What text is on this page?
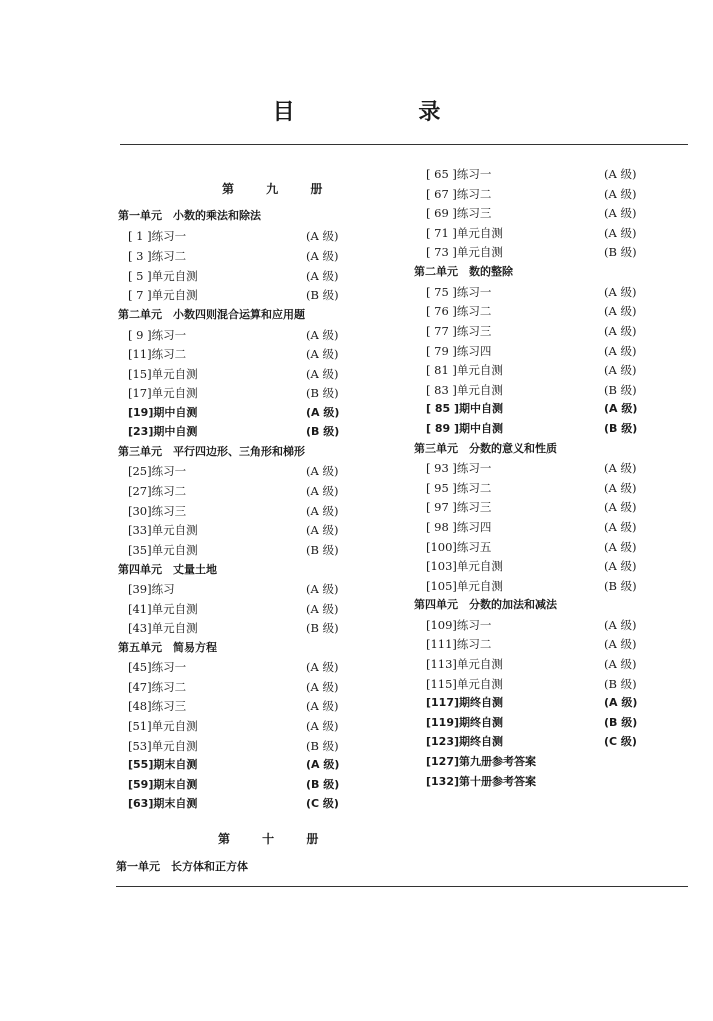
目 录
第 九 册
第一单元　小数的乘法和除法
[ 1 ]练习一	(A 级)
[ 3 ]练习二	(A 级)
[ 5 ]单元自测	(A 级)
[ 7 ]单元自测	(B 级)
第二单元　小数四则混合运算和应用题
[ 9 ]练习一	(A 级)
[11]练习二	(A 级)
[15]单元自测	(A 级)
[17]单元自测	(B 级)
[19]期中自测	(A 级)
[23]期中自测	(B 级)
第三单元　平行四边形、三角形和梯形
[25]练习一	(A 级)
[27]练习二	(A 级)
[30]练习三	(A 级)
[33]单元自测	(A 级)
[35]单元自测	(B 级)
第四单元　丈量土地
[39]练习	(A 级)
[41]单元自测	(A 级)
[43]单元自测	(B 级)
第五单元　简易方程
[45]练习一	(A 级)
[47]练习二	(A 级)
[48]练习三	(A 级)
[51]单元自测	(A 级)
[53]单元自测	(B 级)
[55]期末自测	(A 级)
[59]期末自测	(B 级)
[63]期末自测	(C 级)
第 十 册
第一单元　长方体和正方体
[ 65 ]练习一	(A 级)
[ 67 ]练习二	(A 级)
[ 69 ]练习三	(A 级)
[ 71 ]单元自测	(A 级)
[ 73 ]单元自测	(B 级)
第二单元　数的整除
[ 75 ]练习一	(A 级)
[ 76 ]练习二	(A 级)
[ 77 ]练习三	(A 级)
[ 79 ]练习四	(A 级)
[ 81 ]单元自测	(A 级)
[ 83 ]单元自测	(B 级)
[ 85 ]期中自测	(A 级)
[ 89 ]期中自测	(B 级)
第三单元　分数的意义和性质
[ 93 ]练习一	(A 级)
[ 95 ]练习二	(A 级)
[ 97 ]练习三	(A 级)
[ 98 ]练习四	(A 级)
[100]练习五	(A 级)
[103]单元自测	(A 级)
[105]单元自测	(B 级)
第四单元　分数的加法和减法
[109]练习一	(A 级)
[111]练习二	(A 级)
[113]单元自测	(A 级)
[115]单元自测	(B 级)
[117]期终自测	(A 级)
[119]期终自测	(B 级)
[123]期终自测	(C 级)
[127]第九册参考答案
[132]第十册参考答案
